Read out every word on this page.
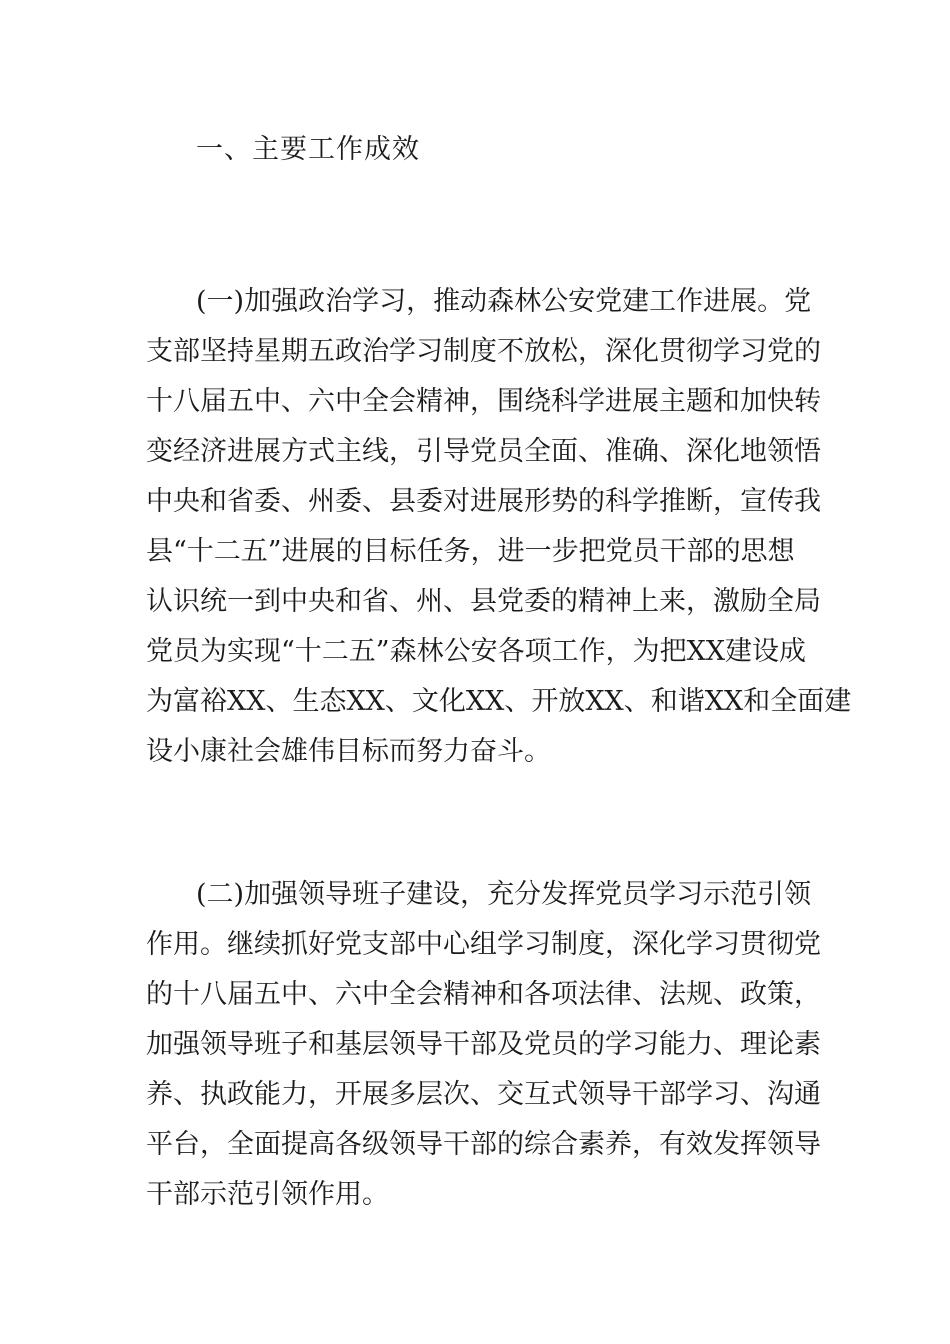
一、主要工作成效
(一)加强政治学习，推动森林公安党建工作进展。党
支部坚持星期五政治学习制度不放松，深化贯彻学习党的
十八届五中、六中全会精神，围绕科学进展主题和加快转
变经济进展方式主线，引导党员全面、准确、深化地领悟
中央和省委、州委、县委对进展形势的科学推断，宣传我
县“十二五”进展的目标任务，进一步把党员干部的思想
认识统一到中央和省、州、县党委的精神上来，激励全局
党员为实现“十二五”森林公安各项工作，为把XX建设成
为富裕XX、生态XX、文化XX、开放XX、和谐XX和全面建
设小康社会雄伟目标而努力奋斗。
(二)加强领导班子建设，充分发挥党员学习示范引领
作用。继续抓好党支部中心组学习制度，深化学习贯彻党
的十八届五中、六中全会精神和各项法律、法规、政策，
加强领导班子和基层领导干部及党员的学习能力、理论素
养、执政能力，开展多层次、交互式领导干部学习、沟通
平台，全面提高各级领导干部的综合素养，有效发挥领导
干部示范引领作用。
